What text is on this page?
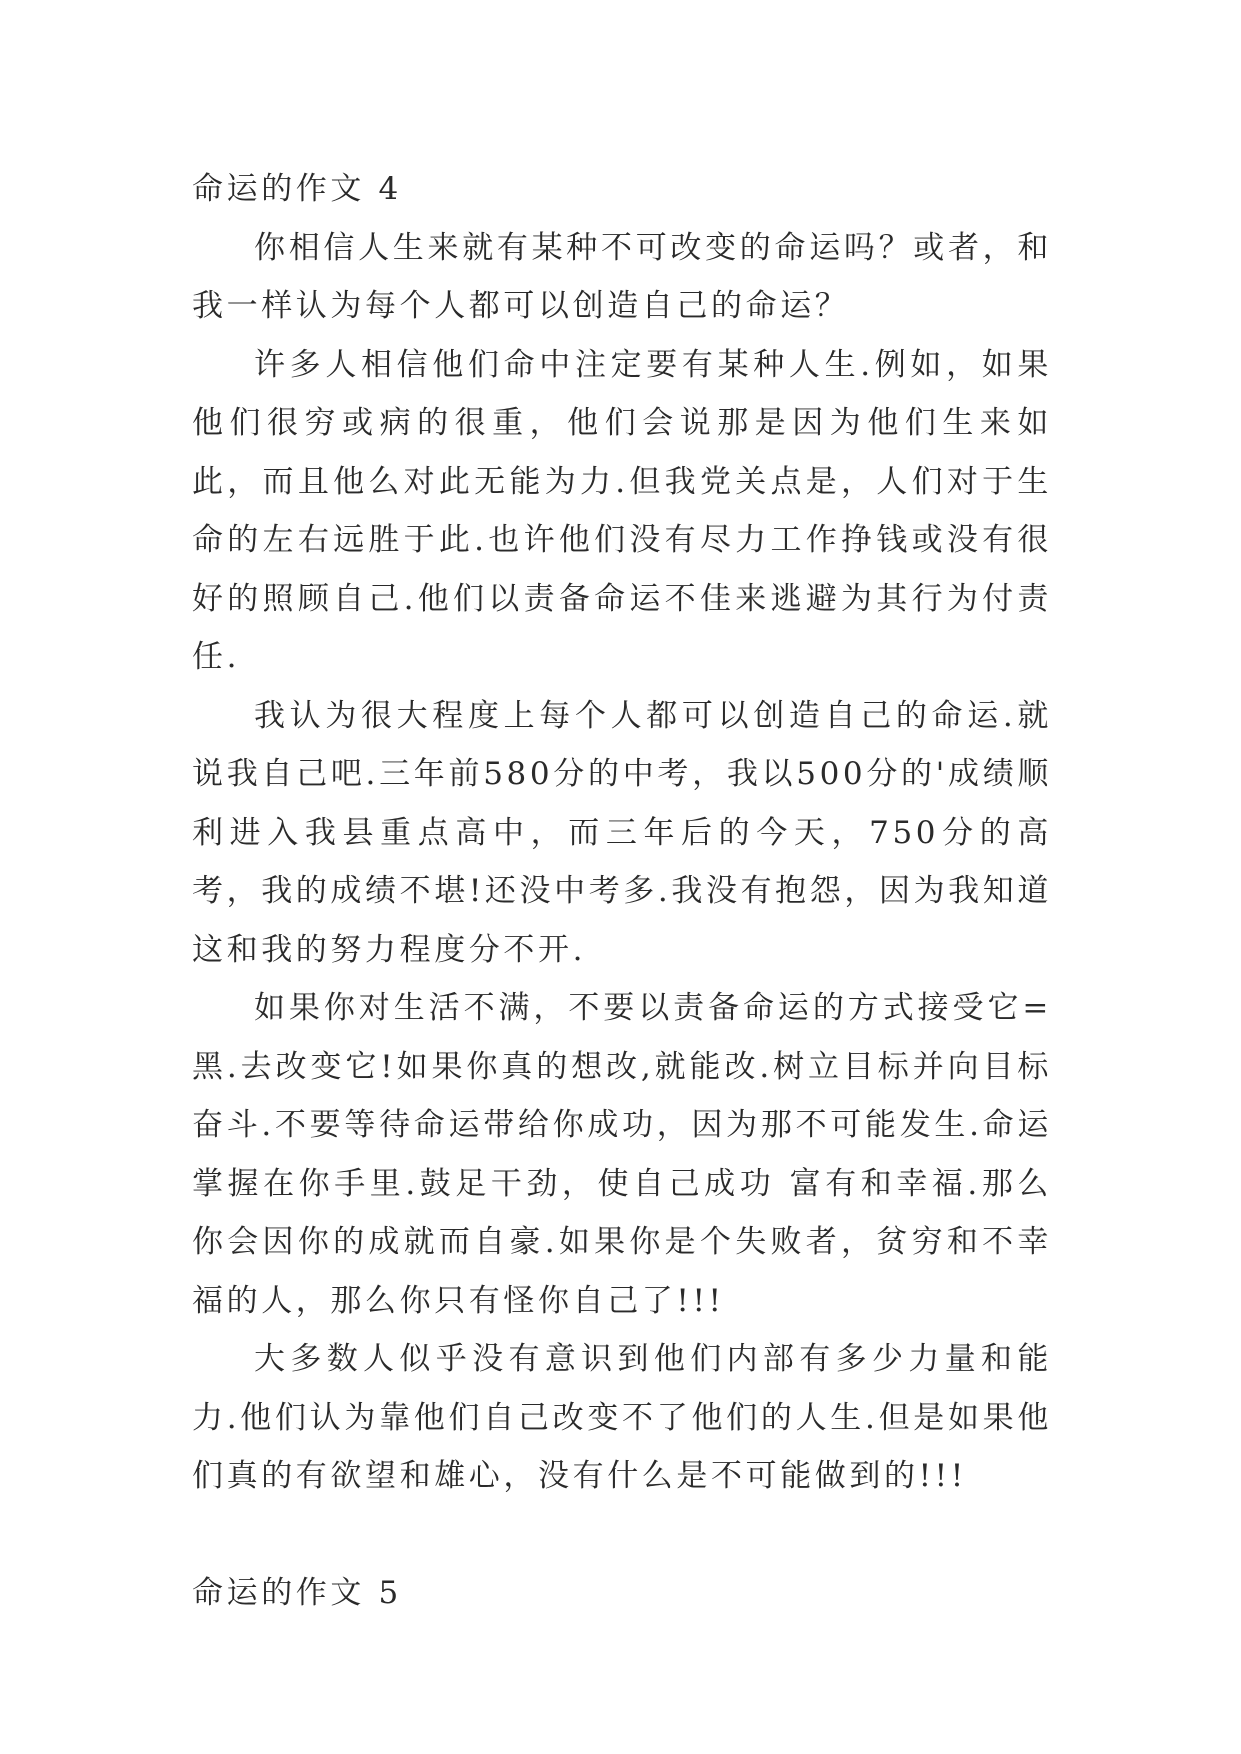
命运的作文 4

你相信人生来就有某种不可改变的命运吗？或者，和我一样认为每个人都可以创造自己的命运？

许多人相信他们命中注定要有某种人生.例如，如果他们很穷或病的很重，他们会说那是因为他们生来如此，而且他么对此无能为力.但我党关点是，人们对于生命的左右远胜于此.也许他们没有尽力工作挣钱或没有很好的照顾自己.他们以责备命运不佳来逃避为其行为付责任.

我认为很大程度上每个人都可以创造自己的命运.就说我自己吧.三年前580分的中考，我以500分的'成绩顺利进入我县重点高中，而三年后的今天，750分的高考，我的成绩不堪!还没中考多.我没有抱怨，因为我知道这和我的努力程度分不开.

如果你对生活不满，不要以责备命运的方式接受它=黑.去改变它!如果你真的想改,就能改.树立目标并向目标奋斗.不要等待命运带给你成功，因为那不可能发生.命运掌握在你手里.鼓足干劲，使自己成功 富有和幸福.那么你会因你的成就而自豪.如果你是个失败者，贫穷和不幸福的人，那么你只有怪你自己了!!!

大多数人似乎没有意识到他们内部有多少力量和能力.他们认为靠他们自己改变不了他们的人生.但是如果他们真的有欲望和雄心，没有什么是不可能做到的!!!

命运的作文 5
